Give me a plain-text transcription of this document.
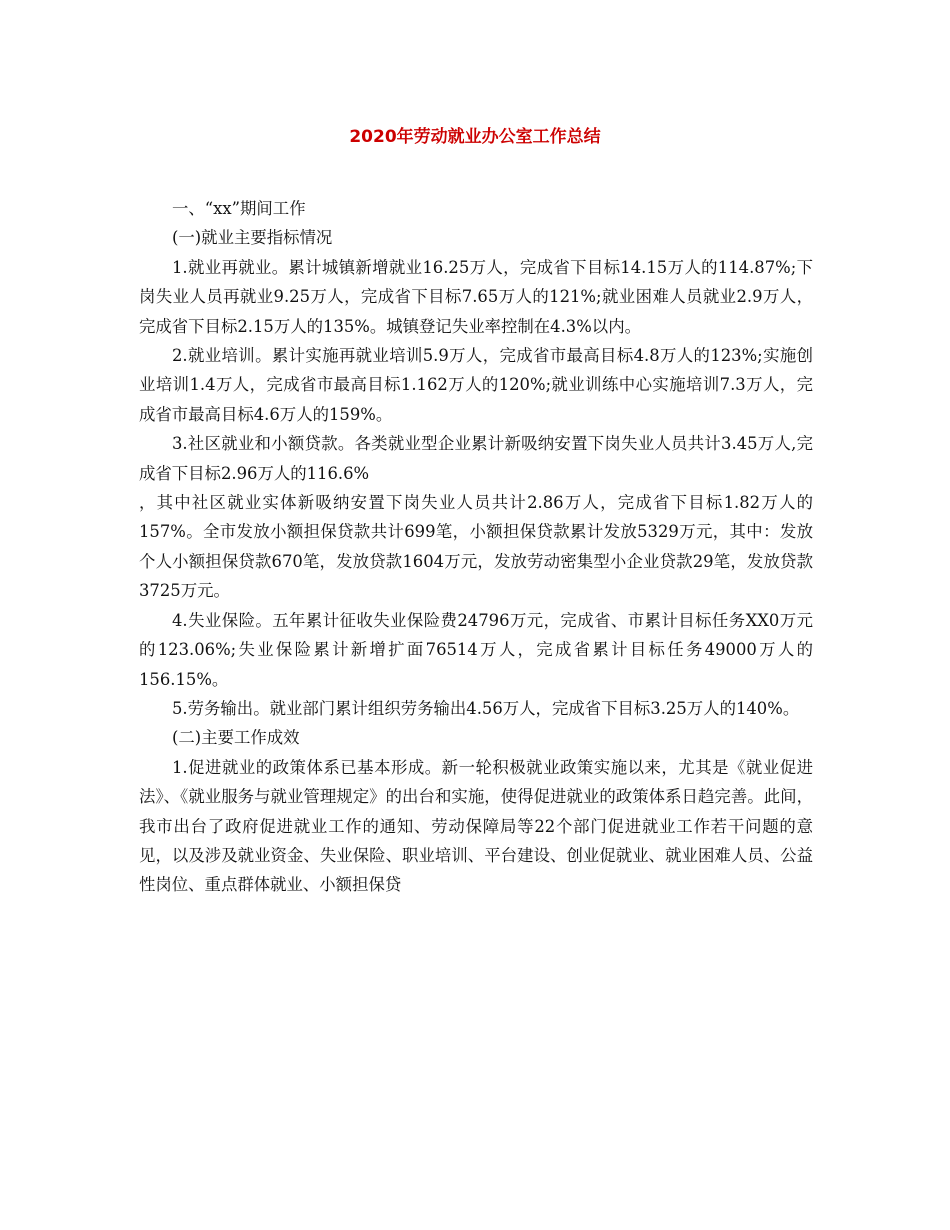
2020年劳动就业办公室工作总结

一、“xx”期间工作

(一)就业主要指标情况

1.就业再就业。累计城镇新增就业16.25万人，完成省下目标14.15万人的114.87%;下岗失业人员再就业9.25万人，完成省下目标7.65万人的121%;就业困难人员就业2.9万人，完成省下目标2.15万人的135%。城镇登记失业率控制在4.3%以内。

2.就业培训。累计实施再就业培训5.9万人，完成省市最高目标4.8万人的123%;实施创业培训1.4万人，完成省市最高目标1.162万人的120%;就业训练中心实施培训7.3万人，完成省市最高目标4.6万人的159%。

3.社区就业和小额贷款。各类就业型企业累计新吸纳安置下岗失业人员共计3.45万人,完成省下目标2.96万人的116.6%

，其中社区就业实体新吸纳安置下岗失业人员共计2.86万人，完成省下目标1.82万人的157%。全市发放小额担保贷款共计699笔，小额担保贷款累计发放5329万元，其中：发放个人小额担保贷款670笔，发放贷款1604万元，发放劳动密集型小企业贷款29笔，发放贷款3725万元。

4.失业保险。五年累计征收失业保险费24796万元，完成省、市累计目标任务XX0万元的123.06%;失业保险累计新增扩面76514万人，完成省累计目标任务49000万人的156.15%。

5.劳务输出。就业部门累计组织劳务输出4.56万人，完成省下目标3.25万人的140%。

(二)主要工作成效

1.促进就业的政策体系已基本形成。新一轮积极就业政策实施以来，尤其是《就业促进法》、《就业服务与就业管理规定》的出台和实施，使得促进就业的政策体系日趋完善。此间，我市出台了政府促进就业工作的通知、劳动保障局等22个部门促进就业工作若干问题的意见，以及涉及就业资金、失业保险、职业培训、平台建设、创业促就业、就业困难人员、公益性岗位、重点群体就业、小额担保贷
